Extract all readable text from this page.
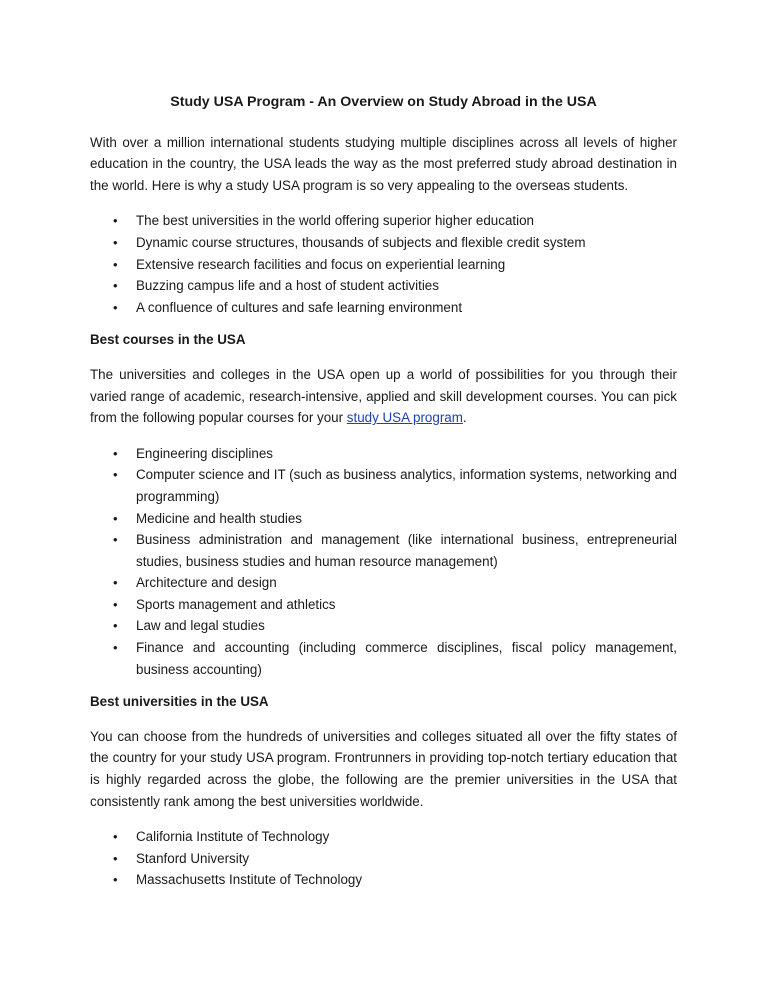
Study USA Program - An Overview on Study Abroad in the USA

With over a million international students studying multiple disciplines across all levels of higher education in the country, the USA leads the way as the most preferred study abroad destination in the world. Here is why a study USA program is so very appealing to the overseas students.

• The best universities in the world offering superior higher education
• Dynamic course structures, thousands of subjects and flexible credit system
• Extensive research facilities and focus on experiential learning
• Buzzing campus life and a host of student activities
• A confluence of cultures and safe learning environment
Best courses in the USA

The universities and colleges in the USA open up a world of possibilities for you through their varied range of academic, research-intensive, applied and skill development courses. You can pick from the following popular courses for your study USA program.

• Engineering disciplines
• Computer science and IT (such as business analytics, information systems, networking and programming)
• Medicine and health studies
• Business administration and management (like international business, entrepreneurial studies, business studies and human resource management)
• Architecture and design
• Sports management and athletics
• Law and legal studies
• Finance and accounting (including commerce disciplines, fiscal policy management, business accounting)
Best universities in the USA

You can choose from the hundreds of universities and colleges situated all over the fifty states of the country for your study USA program. Frontrunners in providing top-notch tertiary education that is highly regarded across the globe, the following are the premier universities in the USA that consistently rank among the best universities worldwide.

• California Institute of Technology
• Stanford University
• Massachusetts Institute of Technology
